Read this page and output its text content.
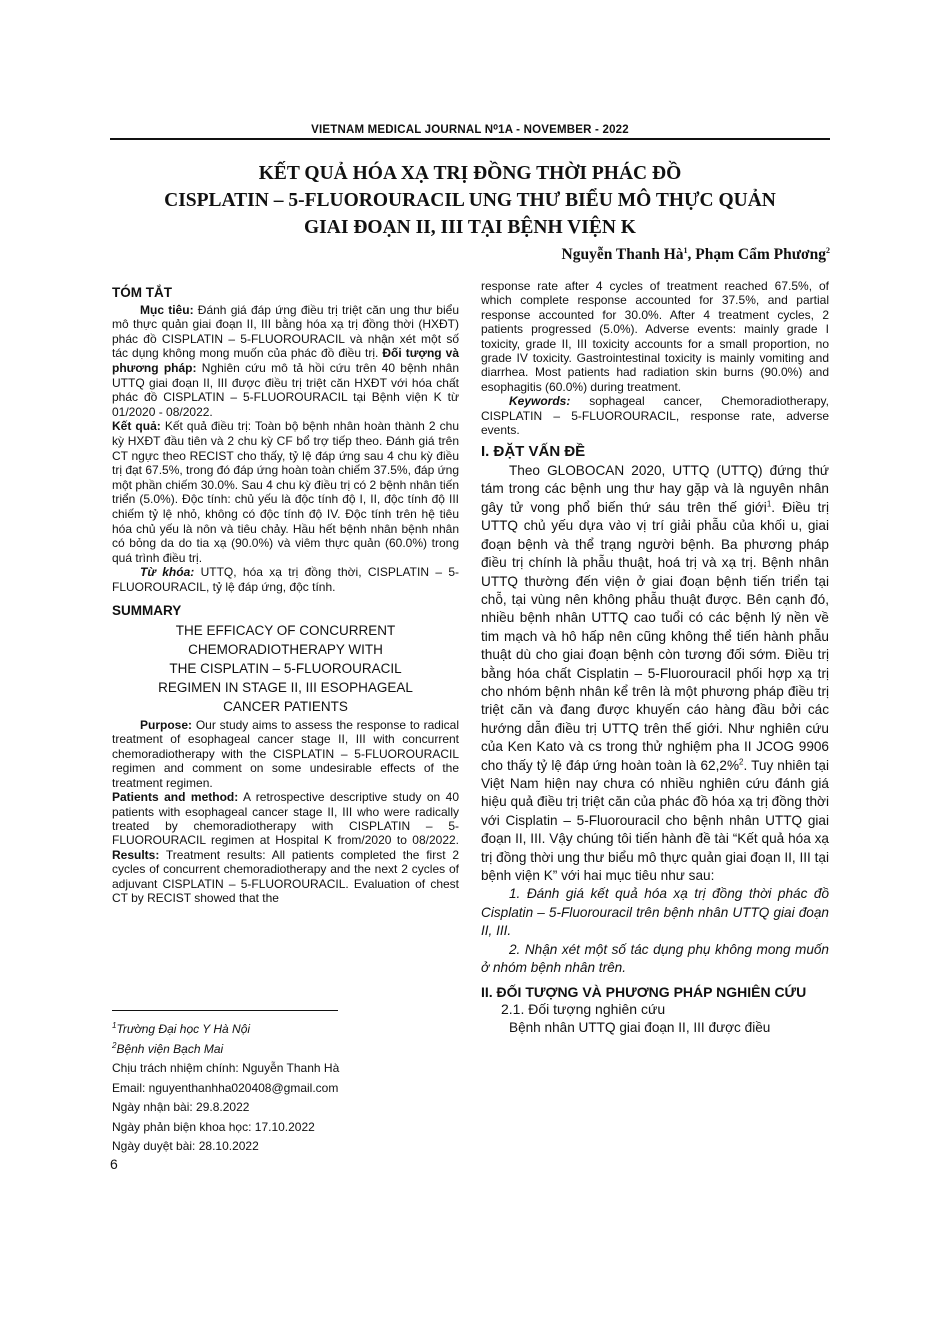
VIETNAM MEDICAL JOURNAL N⁰1A - NOVEMBER - 2022
KẾT QUẢ HÓA XẠ TRỊ ĐỒNG THỜI PHÁC ĐỒ
CISPLATIN – 5-FLUOROURACIL UNG THƯ BIỂU MÔ THỰC QUẢN
GIAI ĐOẠN II, III TẠI BỆNH VIỆN K
Nguyễn Thanh $Hà^1$, Phạm Cẩm Phương$^2$
TÓM TẮT

Mục tiêu: Đánh giá đáp ứng điều trị triệt căn ung thư biểu mô thực quản giai đoạn II, III bằng hóa xạ trị đồng thời (HXĐT) phác đồ CISPLATIN – 5-FLUOROURACIL và nhận xét một số tác dụng không mong muốn của phác đồ điều trị. Đối tượng và phương pháp: Nghiên cứu mô tả hồi cứu trên 40 bệnh nhân UTTQ giai đoạn II, III được điều trị triệt căn HXĐT với hóa chất phác đồ CISPLATIN – 5-FLUOROURACIL tại Bệnh viện K từ 01/2020 - 08/2022.

Kết quả: Kết quả điều trị: Toàn bộ bệnh nhân hoàn thành 2 chu kỳ HXĐT đầu tiên và 2 chu kỳ CF bổ trợ tiếp theo. Đánh giá trên CT ngực theo RECIST cho thấy, tỷ lệ đáp ứng sau 4 chu kỳ điều trị đạt 67.5%, trong đó đáp ứng hoàn toàn chiếm 37.5%, đáp ứng một phần chiếm 30.0%. Sau 4 chu kỳ điều trị có 2 bệnh nhân tiến triển (5.0%). Độc tính: chủ yếu là độc tính độ I, II, độc tính độ III chiếm tỷ lệ nhỏ, không có độc tính độ IV. Độc tính trên hệ tiêu hóa chủ yếu là nôn và tiêu chảy. Hầu hết bệnh nhân bệnh nhân có bỏng da do tia xạ (90.0%) và viêm thực quản (60.0%) trong quá trình điều trị.

Từ khóa: UTTQ, hóa xạ trị đồng thời, CISPLATIN – 5-FLUOROURACIL, tỷ lệ đáp ứng, độc tính.

SUMMARY
THE EFFICACY OF CONCURRENT
CHEMORADIOTHERAPY WITH
THE CISPLATIN – 5-FLUOROURACIL
REGIMEN IN STAGE II, III ESOPHAGEAL
CANCER PATIENTS

Purpose: Our study aims to assess the response to radical treatment of esophageal cancer stage II, III with concurrent chemoradiotherapy with the CISPLATIN – 5-FLUOROURACIL regimen and comment on some undesirable effects of the treatment regimen.

Patients and method: A retrospective descriptive study on 40 patients with esophageal cancer stage II, III who were radically treated by chemoradiotherapy with CISPLATIN – 5-FLUOROURACIL regimen at Hospital K from/2020 to 08/2022. Results: Treatment results: All patients completed the first 2 cycles of concurrent chemoradiotherapy and the next 2 cycles of adjuvant CISPLATIN – 5-FLUOROURACIL. Evaluation of chest CT by RECIST showed that the

$^1$Trường Đại học Y Hà Nội
$^2$Bệnh viện Bạch Mai
Chịu trách nhiệm chính: Nguyễn Thanh Hà
Email: nguyenthanhha020408@gmail.com
Ngày nhận bài: 29.8.2022
Ngày phản biện khoa học: 17.10.2022
Ngày duyệt bài: 28.10.2022
6

response rate after 4 cycles of treatment reached 67.5%, of which complete response accounted for 37.5%, and partial response accounted for 30.0%. After 4 treatment cycles, 2 patients progressed (5.0%). Adverse events: mainly grade I toxicity, grade II, III toxicity accounts for a small proportion, no grade IV toxicity. Gastrointestinal toxicity is mainly vomiting and diarrhea. Most patients had radiation skin burns (90.0%) and esophagitis (60.0%) during treatment.

Keywords: sophageal cancer, Chemoradiotherapy, CISPLATIN – 5-FLUOROURACIL, response rate, adverse events.

I. ĐẶT VẤN ĐỀ

Theo GLOBOCAN 2020, UTTQ (UTTQ) đứng thứ tám trong các bệnh ung thư hay gặp và là nguyên nhân gây tử vong phổ biến thứ sáu trên thế giới$^1$. Điều trị UTTQ chủ yếu dựa vào vị trí giải phẫu của khối u, giai đoạn bệnh và thể trạng người bệnh. Ba phương pháp điều trị chính là phẫu thuật, hoá trị và xạ trị. Bệnh nhân UTTQ thường đến viện ở giai đoạn bệnh tiến triển tại chỗ, tại vùng nên không phẫu thuật được. Bên cạnh đó, nhiều bệnh nhân UTTQ cao tuổi có các bệnh lý nền về tim mạch và hô hấp nên cũng không thể tiến hành phẫu thuật dù cho giai đoạn bệnh còn tương đối sớm. Điều trị bằng hóa chất Cisplatin – 5-Fluorouracil phối hợp xạ trị cho nhóm bệnh nhân kể trên là một phương pháp điều trị triệt căn và đang được khuyến cáo hàng đầu bởi các hướng dẫn điều trị UTTQ trên thế giới. Như nghiên cứu của Ken Kato và cs trong thử nghiệm pha II JCOG 9906 cho thấy tỷ lệ đáp ứng hoàn toàn là 62,2%$^2$. Tuy nhiên tại Việt Nam hiện nay chưa có nhiều nghiên cứu đánh giá hiệu quả điều trị triệt căn của phác đồ hóa xạ trị đồng thời với Cisplatin – 5-Fluorouracil cho bệnh nhân UTTQ giai đoạn II, III. Vậy chúng tôi tiến hành đề tài “Kết quả hóa xạ trị đồng thời ung thư biểu mô thực quản giai đoạn II, III tại bệnh viện K” với hai mục tiêu như sau:

1. Đánh giá kết quả hóa xạ trị đồng thời phác đồ Cisplatin – 5-Fluorouracil trên bệnh nhân UTTQ giai đoạn II, III.

2. Nhận xét một số tác dụng phụ không mong muốn ở nhóm bệnh nhân trên.

II. ĐỐI TƯỢNG VÀ PHƯƠNG PHÁP NGHIÊN CỨU
2.1. Đối tượng nghiên cứu

Bệnh nhân UTTQ giai đoạn II, III được điều
